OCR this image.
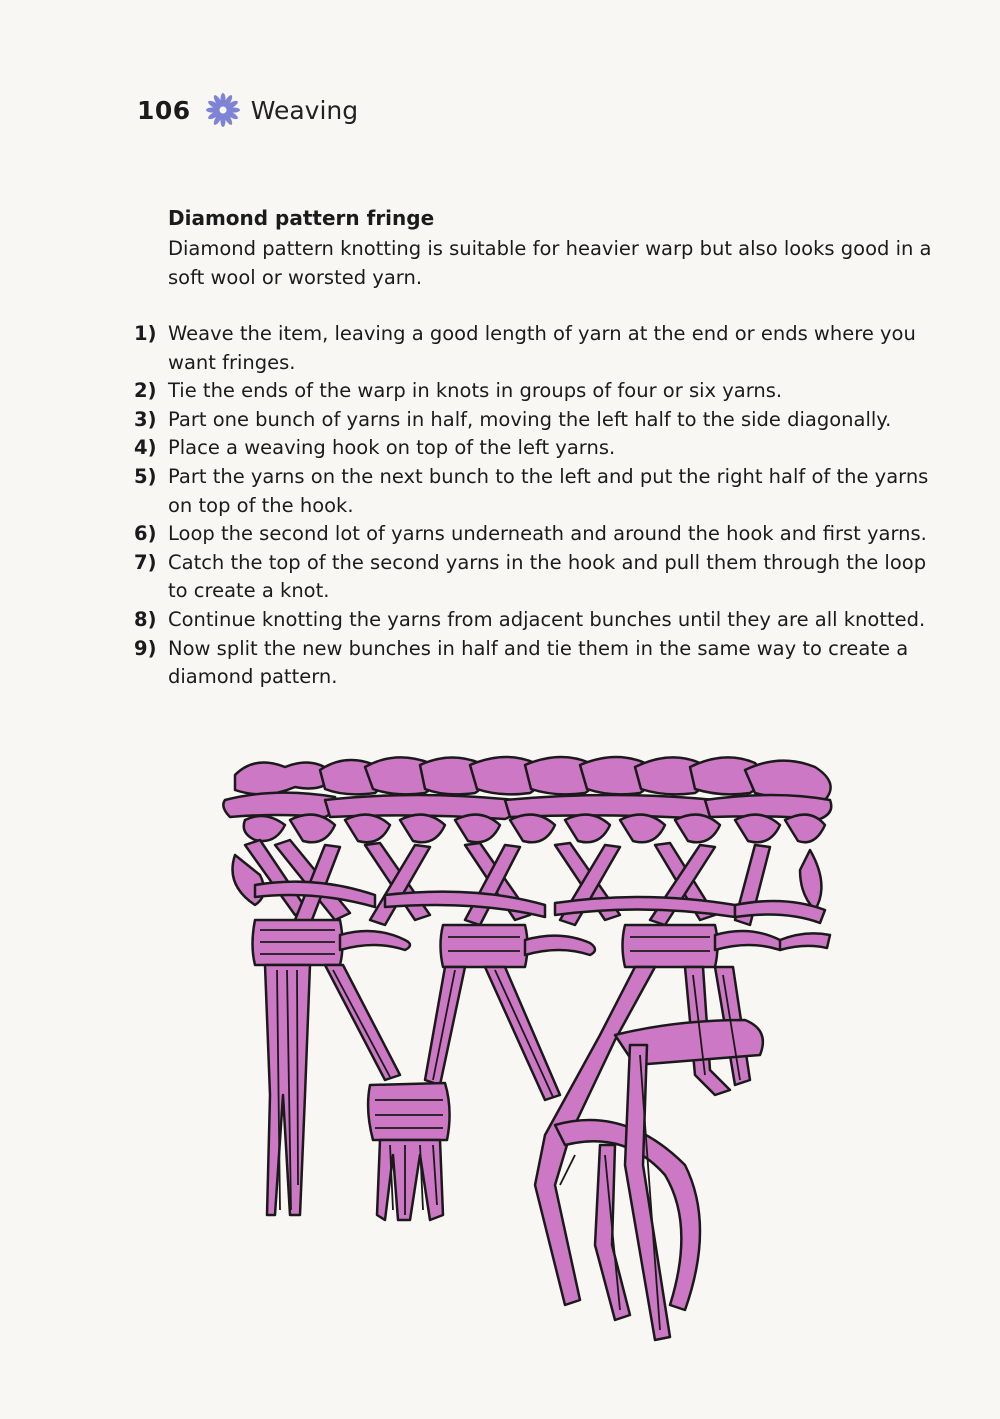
106 Weaving
Diamond pattern fringe
Diamond pattern knotting is suitable for heavier warp but also looks good in a soft wool or worsted yarn.
1) Weave the item, leaving a good length of yarn at the end or ends where you want fringes.
2) Tie the ends of the warp in knots in groups of four or six yarns.
3) Part one bunch of yarns in half, moving the left half to the side diagonally.
4) Place a weaving hook on top of the left yarns.
5) Part the yarns on the next bunch to the left and put the right half of the yarns on top of the hook.
6) Loop the second lot of yarns underneath and around the hook and first yarns.
7) Catch the top of the second yarns in the hook and pull them through the loop to create a knot.
8) Continue knotting the yarns from adjacent bunches until they are all knotted.
9) Now split the new bunches in half and tie them in the same way to create a diamond pattern.
